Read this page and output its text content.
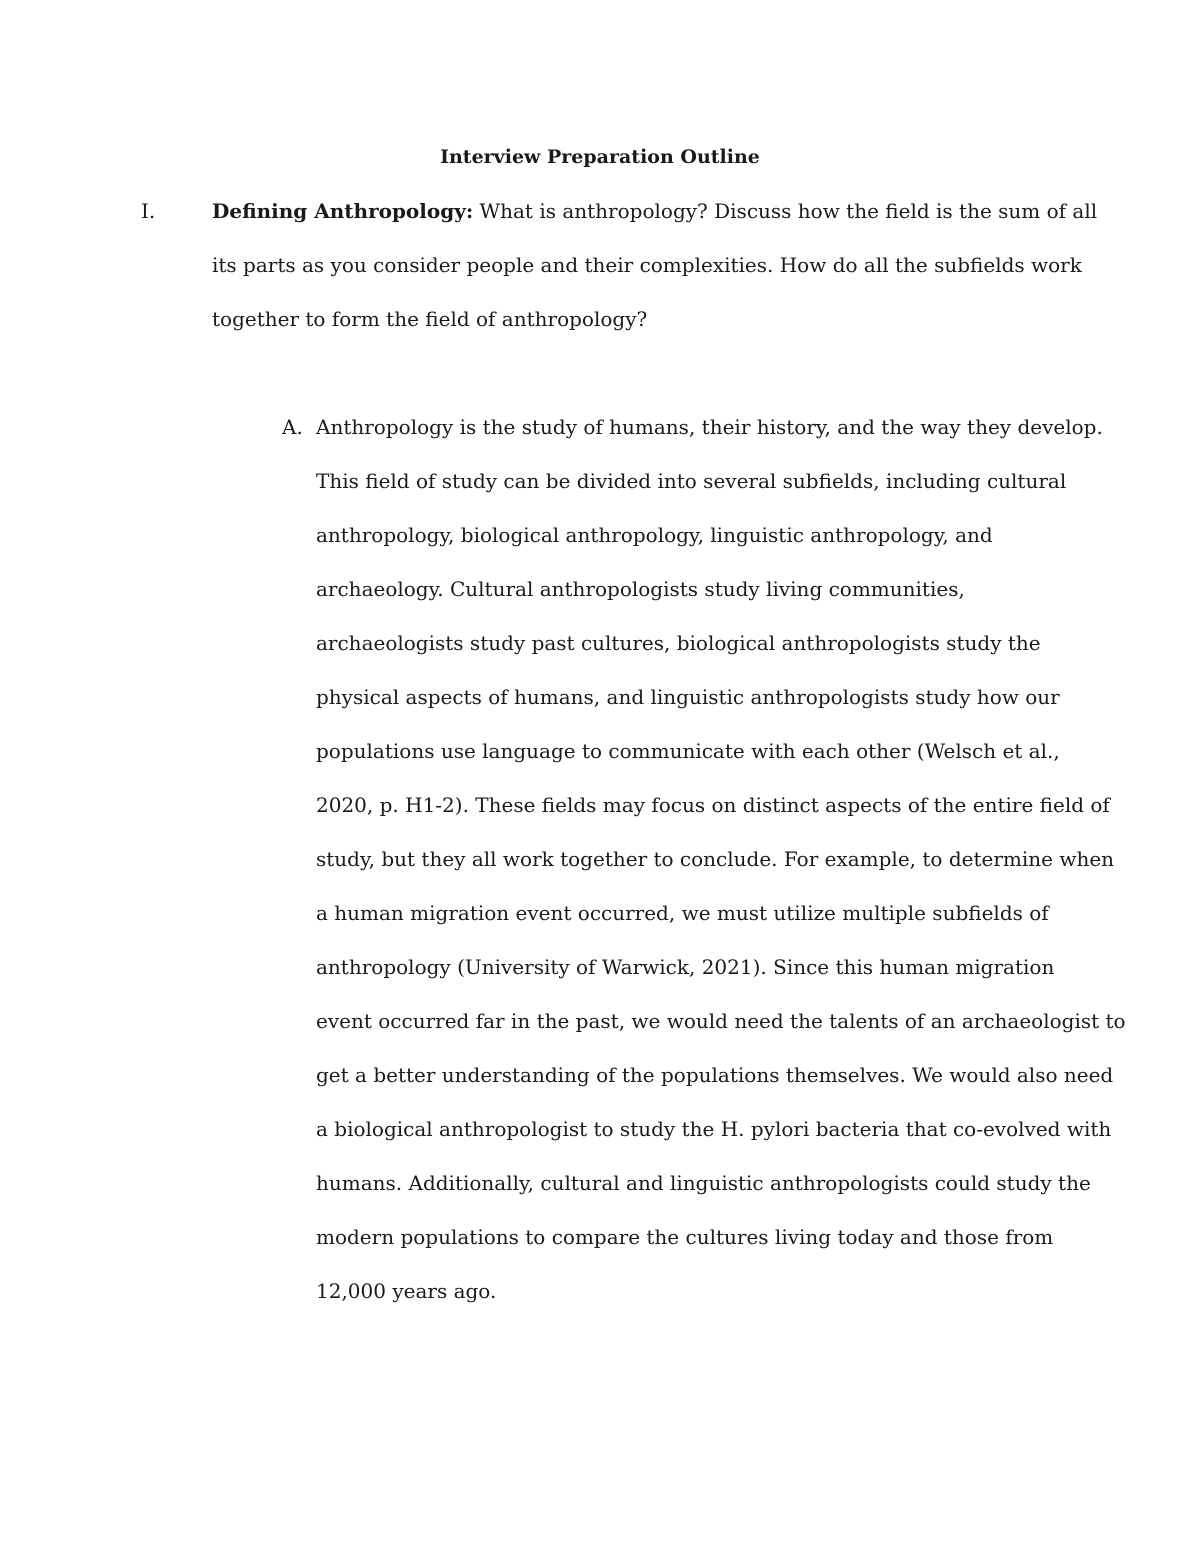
Interview Preparation Outline
I.	Defining Anthropology: What is anthropology? Discuss how the field is the sum of all
its parts as you consider people and their complexities. How do all the subfields work
together to form the field of anthropology?
A. Anthropology is the study of humans, their history, and the way they develop.
This field of study can be divided into several subfields, including cultural
anthropology, biological anthropology, linguistic anthropology, and
archaeology. Cultural anthropologists study living communities,
archaeologists study past cultures, biological anthropologists study the
physical aspects of humans, and linguistic anthropologists study how our
populations use language to communicate with each other (Welsch et al.,
2020, p. H1-2). These fields may focus on distinct aspects of the entire field of
study, but they all work together to conclude. For example, to determine when
a human migration event occurred, we must utilize multiple subfields of
anthropology (University of Warwick, 2021). Since this human migration
event occurred far in the past, we would need the talents of an archaeologist to
get a better understanding of the populations themselves. We would also need
a biological anthropologist to study the H. pylori bacteria that co-evolved with
humans. Additionally, cultural and linguistic anthropologists could study the
modern populations to compare the cultures living today and those from
12,000 years ago.
